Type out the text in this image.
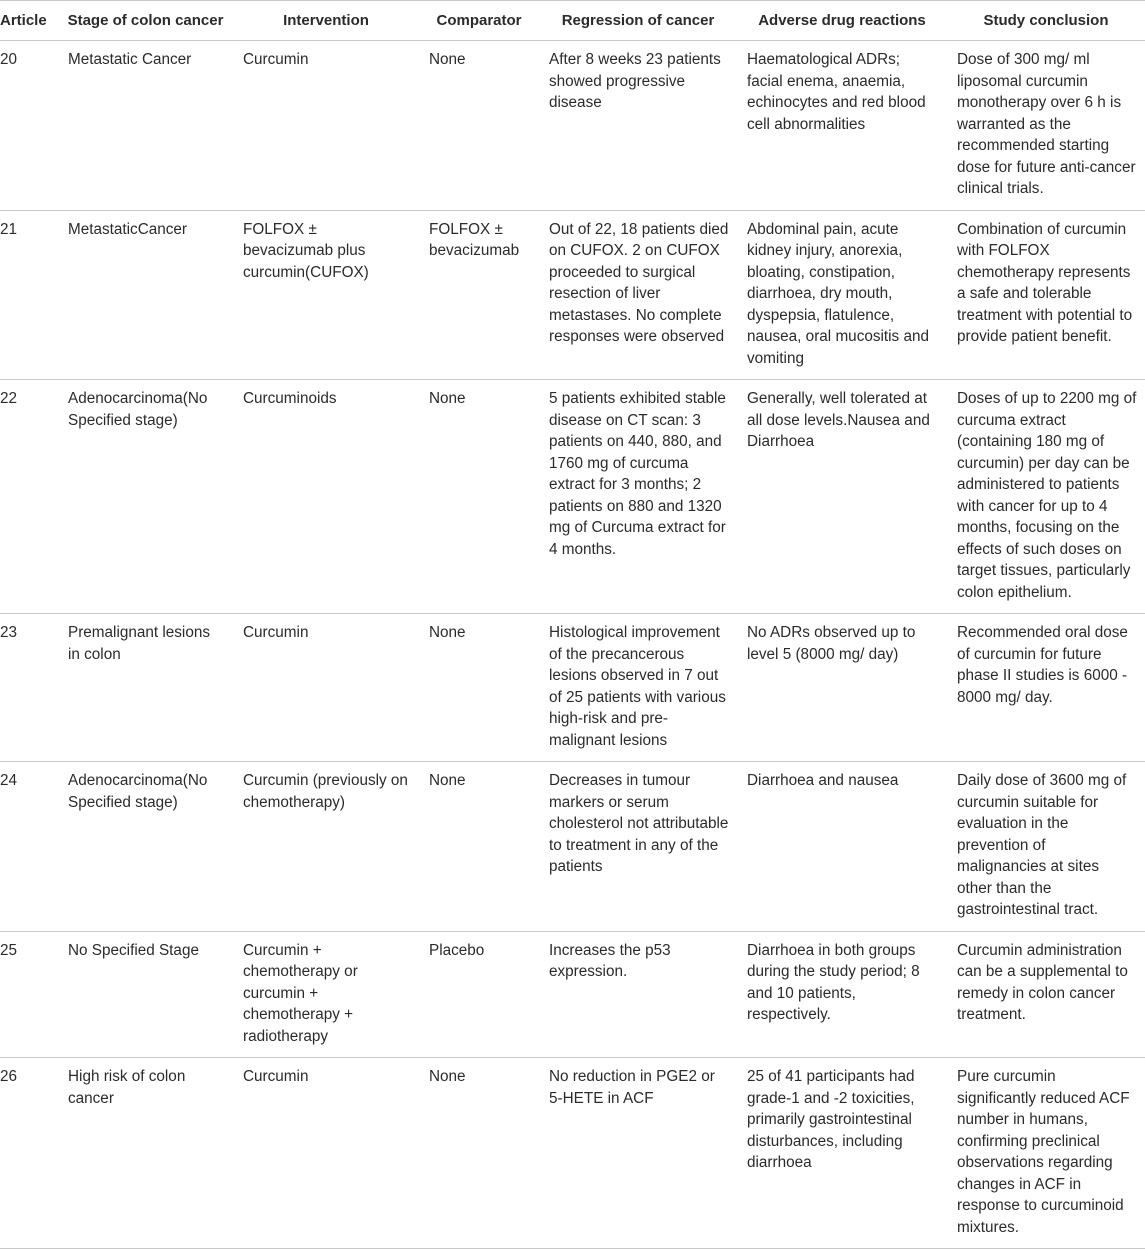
Article	Stage of colon cancer	Intervention	Comparator	Regression of cancer	Adverse drug reactions	Study conclusion
20	Metastatic Cancer	Curcumin	None	After 8 weeks 23 patients showed progressive disease	Haematological ADRs; facial enema, anaemia, echinocytes and red blood cell abnormalities	Dose of 300 mg/ ml liposomal curcumin monotherapy over 6 h is warranted as the recommended starting dose for future anti-cancer clinical trials.
21	MetastaticCancer	FOLFOX ± bevacizumab plus curcumin(CUFOX)	FOLFOX ± bevacizumab	Out of 22, 18 patients died on CUFOX. 2 on CUFOX proceeded to surgical resection of liver metastases. No complete responses were observed	Abdominal pain, acute kidney injury, anorexia, bloating, constipation, diarrhoea, dry mouth, dyspepsia, flatulence, nausea, oral mucositis and vomiting	Combination of curcumin with FOLFOX chemotherapy represents a safe and tolerable treatment with potential to provide patient benefit.
22	Adenocarcinoma(No Specified stage)	Curcuminoids	None	5 patients exhibited stable disease on CT scan: 3 patients on 440, 880, and 1760 mg of curcuma extract for 3 months; 2 patients on 880 and 1320 mg of Curcuma extract for 4 months.	Generally, well tolerated at all dose levels.Nausea and Diarrhoea	Doses of up to 2200 mg of curcuma extract (containing 180 mg of curcumin) per day can be administered to patients with cancer for up to 4 months, focusing on the effects of such doses on target tissues, particularly colon epithelium.
23	Premalignant lesions in colon	Curcumin	None	Histological improvement of the precancerous lesions observed in 7 out of 25 patients with various high-risk and pre-malignant lesions	No ADRs observed up to level 5 (8000 mg/ day)	Recommended oral dose of curcumin for future phase II studies is 6000 - 8000 mg/ day.
24	Adenocarcinoma(No Specified stage)	Curcumin (previously on chemotherapy)	None	Decreases in tumour markers or serum cholesterol not attributable to treatment in any of the patients	Diarrhoea and nausea	Daily dose of 3600 mg of curcumin suitable for evaluation in the prevention of malignancies at sites other than the gastrointestinal tract.
25	No Specified Stage	Curcumin + chemotherapy or curcumin + chemotherapy + radiotherapy	Placebo	Increases the p53 expression.	Diarrhoea in both groups during the study period; 8 and 10 patients, respectively.	Curcumin administration can be a supplemental to remedy in colon cancer treatment.
26	High risk of colon cancer	Curcumin	None	No reduction in PGE2 or 5-HETE in ACF	25 of 41 participants had grade-1 and -2 toxicities, primarily gastrointestinal disturbances, including diarrhoea	Pure curcumin significantly reduced ACF number in humans, confirming preclinical observations regarding changes in ACF in response to curcuminoid mixtures.
